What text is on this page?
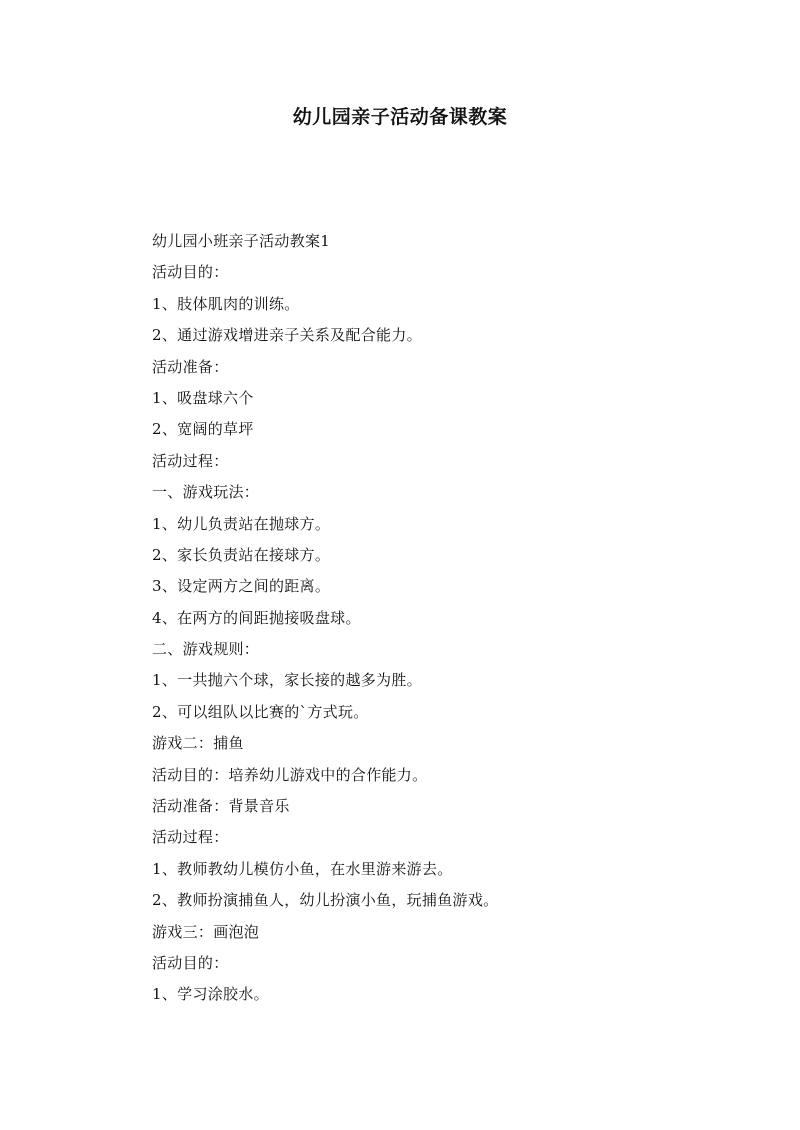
幼儿园亲子活动备课教案
幼儿园小班亲子活动教案1
活动目的：
1、肢体肌肉的训练。
2、通过游戏增进亲子关系及配合能力。
活动准备：
1、吸盘球六个
2、宽阔的草坪
活动过程：
一、游戏玩法：
1、幼儿负责站在抛球方。
2、家长负责站在接球方。
3、设定两方之间的距离。
4、在两方的间距抛接吸盘球。
二、游戏规则：
1、一共抛六个球，家长接的越多为胜。
2、可以组队以比赛的`方式玩。
游戏二：捕鱼
活动目的：培养幼儿游戏中的合作能力。
活动准备：背景音乐
活动过程：
1、教师教幼儿模仿小鱼，在水里游来游去。
2、教师扮演捕鱼人，幼儿扮演小鱼，玩捕鱼游戏。
游戏三：画泡泡
活动目的：
1、学习涂胶水。
